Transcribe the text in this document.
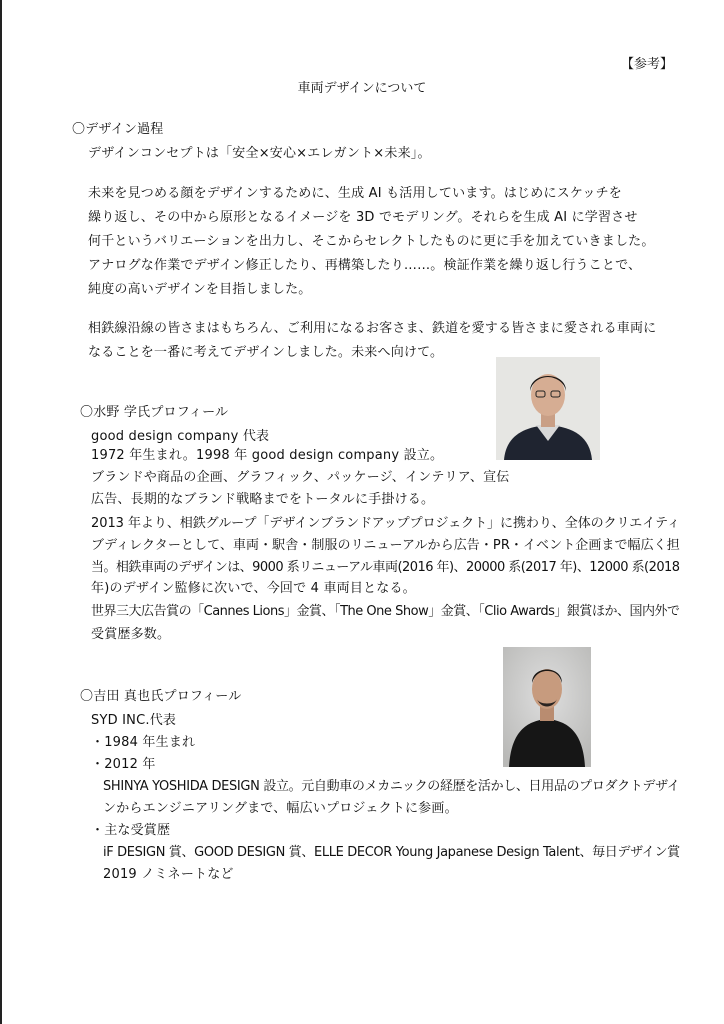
【参考】
車両デザインについて
〇デザイン過程
デザインコンセプトは「安全×安心×エレガント×未来」。
未来を見つめる顔をデザインするために、生成 AI も活用しています。はじめにスケッチを
繰り返し、その中から原形となるイメージを 3D でモデリング。それらを生成 AI に学習させ
何千というバリエーションを出力し、そこからセレクトしたものに更に手を加えていきました。
アナログな作業でデザイン修正したり、再構築したり……。検証作業を繰り返し行うことで、
純度の高いデザインを目指しました。
相鉄線沿線の皆さまはもちろん、ご利用になるお客さま、鉄道を愛する皆さまに愛される車両に
なることを一番に考えてデザインしました。未来へ向けて。
〇水野 学氏プロフィール
good design company 代表
1972 年生まれ。1998 年 good design company 設立。
ブランドや商品の企画、グラフィック、パッケージ、インテリア、宣伝
広告、長期的なブランド戦略までをトータルに手掛ける。
2013 年より、相鉄グループ「デザインブランドアッププロジェクト」に携わり、全体のクリエイティ
ブディレクターとして、車両・駅舎・制服のリニューアルから広告・PR・イベント企画まで幅広く担
当。相鉄車両のデザインは、9000 系リニューアル車両(2016 年)、20000 系(2017 年)、12000 系(2018
年)のデザイン監修に次いで、今回で 4 車両目となる。
世界三大広告賞の「Cannes Lions」金賞、「The One Show」金賞、「Clio Awards」銀賞ほか、国内外で
受賞歴多数。
〇吉田 真也氏プロフィール
SYD INC.代表
・1984 年生まれ
・2012 年
SHINYA YOSHIDA DESIGN 設立。元自動車のメカニックの経歴を活かし、日用品のプロダクトデザイ
ンからエンジニアリングまで、幅広いプロジェクトに参画。
・主な受賞歴
iF DESIGN 賞、GOOD DESIGN 賞、ELLE DECOR Young Japanese Design Talent、毎日デザイン賞
2019 ノミネートなど
